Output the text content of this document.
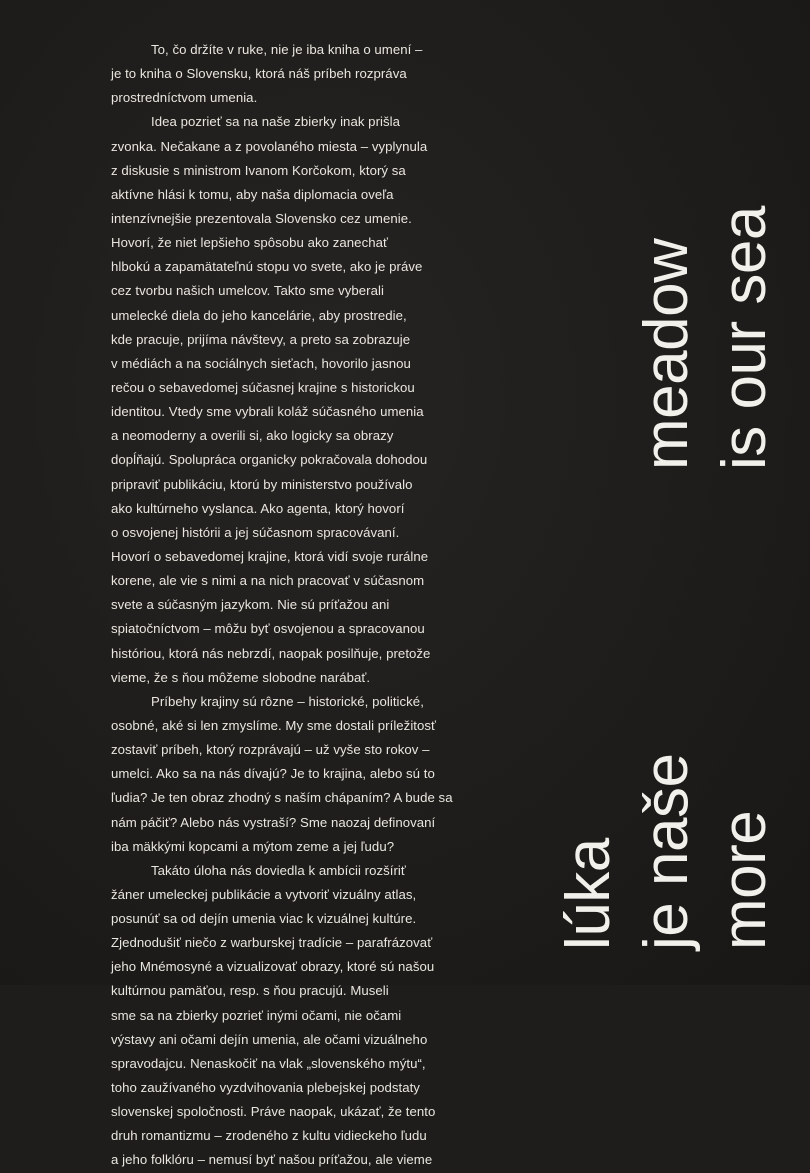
To, čo držíte v ruke, nie je iba kniha o umení –
je to kniha o Slovensku, ktorá náš príbeh rozpráva
prostredníctvom umenia.
Idea pozrieť sa na naše zbierky inak prišla
zvonka. Nečakane a z povolaného miesta – vyplynula
z diskusie s ministrom Ivanom Korčokom, ktorý sa
aktívne hlási k tomu, aby naša diplomacia oveľa
intenzívnejšie prezentovala Slovensko cez umenie.
Hovorí, že niet lepšieho spôsobu ako zanechať
hlbokú a zapamätateľnú stopu vo svete, ako je práve
cez tvorbu našich umelcov. Takto sme vyberali
umelecké diela do jeho kancelárie, aby prostredie,
kde pracuje, prijíma návštevy, a preto sa zobrazuje
v médiách a na sociálnych sieťach, hovorilo jasnou
rečou o sebavedomej súčasnej krajine s historickou
identitou. Vtedy sme vybrali koláž súčasného umenia
a neomoderny a overili si, ako logicky sa obrazy
dopĺňajú. Spolupráca organicky pokračovala dohodou
pripraviť publikáciu, ktorú by ministerstvo používalo
ako kultúrneho vyslanca. Ako agenta, ktorý hovorí
o osvojenej histórii a jej súčasnom spracovávaní.
Hovorí o sebavedomej krajine, ktorá vidí svoje rurálne
korene, ale vie s nimi a na nich pracovať v súčasnom
svete a súčasným jazykom. Nie sú príťažou ani
spiatočníctvom – môžu byť osvojenou a spracovanou
históriou, ktorá nás nebrzdí, naopak posilňuje, pretože
vieme, že s ňou môžeme slobodne narábať.
Príbehy krajiny sú rôzne – historické, politické,
osobné, aké si len zmyslíme. My sme dostali príležitosť
zostaviť príbeh, ktorý rozprávajú – už vyše sto rokov –
umelci. Ako sa na nás dívajú? Je to krajina, alebo sú to
ľudia? Je ten obraz zhodný s naším chápaním? A bude sa
nám páčiť? Alebo nás vystraší? Sme naozaj definovaní
iba mäkkými kopcami a mýtom zeme a jej ľudu?
Takáto úloha nás doviedla k ambícii rozšíriť
žáner umeleckej publikácie a vytvoriť vizuálny atlas,
posunúť sa od dejín umenia viac k vizuálnej kultúre.
Zjednodušiť niečo z warburskej tradície – parafrázovať
jeho Mnémosyné a vizualizovať obrazy, ktoré sú našou
kultúrnou pamäťou, resp. s ňou pracujú. Museli
sme sa na zbierky pozrieť inými očami, nie očami
výstavy ani očami dejín umenia, ale očami vizuálneho
spravodajcu. Nenaskočiť na vlak „slovenského mýtu“,
toho zaužívaného vyzdvihovania plebejskej podstaty
slovenskej spoločnosti. Práve naopak, ukázať, že tento
druh romantizmu – zrodeného z kultu vidieckeho ľudu
a jeho folklóru – nemusí byť našou príťažou, ale vieme
meadow is our sea
lúka je naše more
